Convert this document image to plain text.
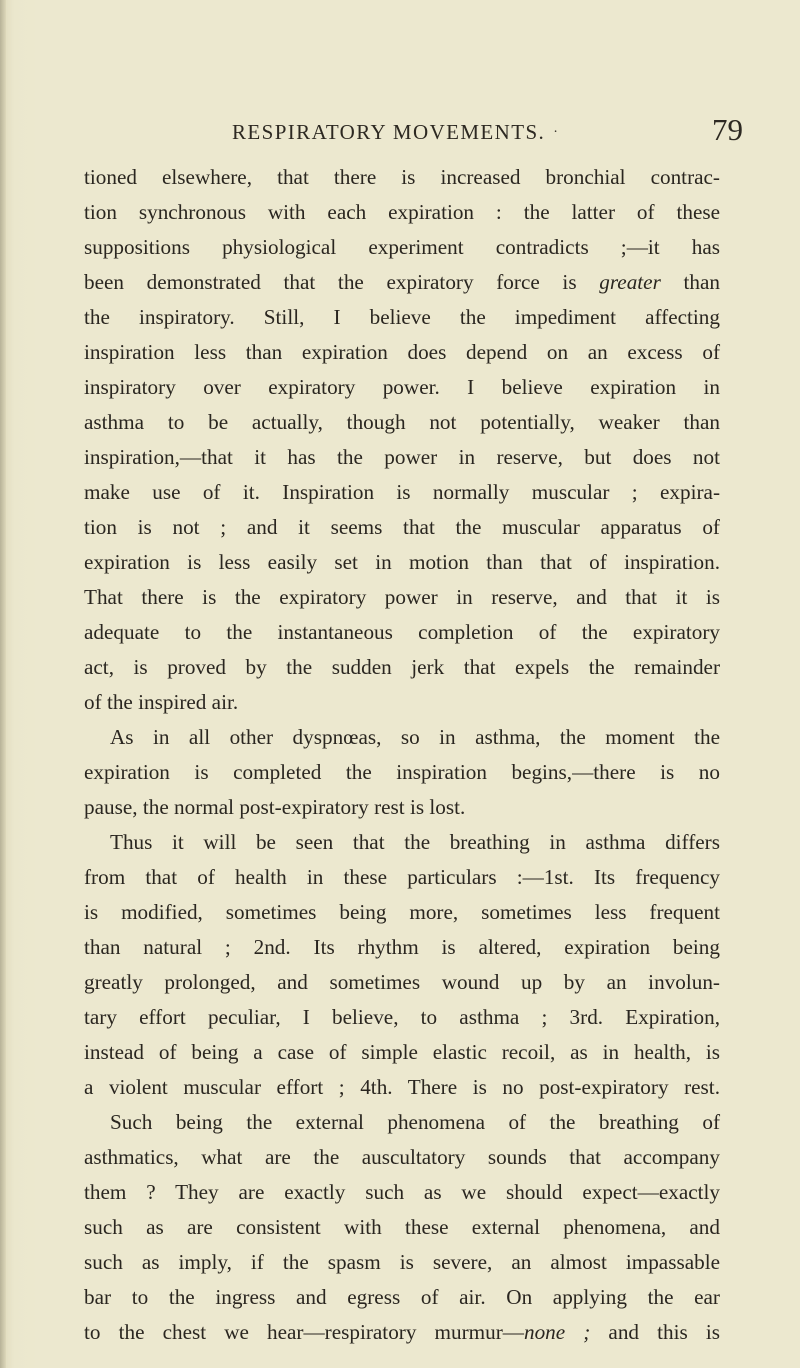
RESPIRATORY MOVEMENTS. ·	79
tioned elsewhere, that there is increased bronchial contrac-
tion synchronous with each expiration : the latter of these
suppositions physiological experiment contradicts ;—it has
been demonstrated that the expiratory force is greater than
the inspiratory. Still, I believe the impediment affecting
inspiration less than expiration does depend on an excess of
inspiratory over expiratory power. I believe expiration in
asthma to be actually, though not potentially, weaker than
inspiration,—that it has the power in reserve, but does not
make use of it. Inspiration is normally muscular ; expira-
tion is not ; and it seems that the muscular apparatus of
expiration is less easily set in motion than that of inspiration.
That there is the expiratory power in reserve, and that it is
adequate to the instantaneous completion of the expiratory
act, is proved by the sudden jerk that expels the remainder
of the inspired air.
As in all other dyspnœas, so in asthma, the moment the
expiration is completed the inspiration begins,—there is no
pause, the normal post-expiratory rest is lost.
Thus it will be seen that the breathing in asthma differs
from that of health in these particulars :—1st. Its frequency
is modified, sometimes being more, sometimes less frequent
than natural ; 2nd. Its rhythm is altered, expiration being
greatly prolonged, and sometimes wound up by an involun-
tary effort peculiar, I believe, to asthma ; 3rd. Expiration,
instead of being a case of simple elastic recoil, as in health, is
a violent muscular effort ; 4th. There is no post-expiratory rest.
Such being the external phenomena of the breathing of
asthmatics, what are the auscultatory sounds that accompany
them ? They are exactly such as we should expect—exactly
such as are consistent with these external phenomena, and
such as imply, if the spasm is severe, an almost impassable
bar to the ingress and egress of air. On applying the ear
to the chest we hear—respiratory murmur—none ; and this is
